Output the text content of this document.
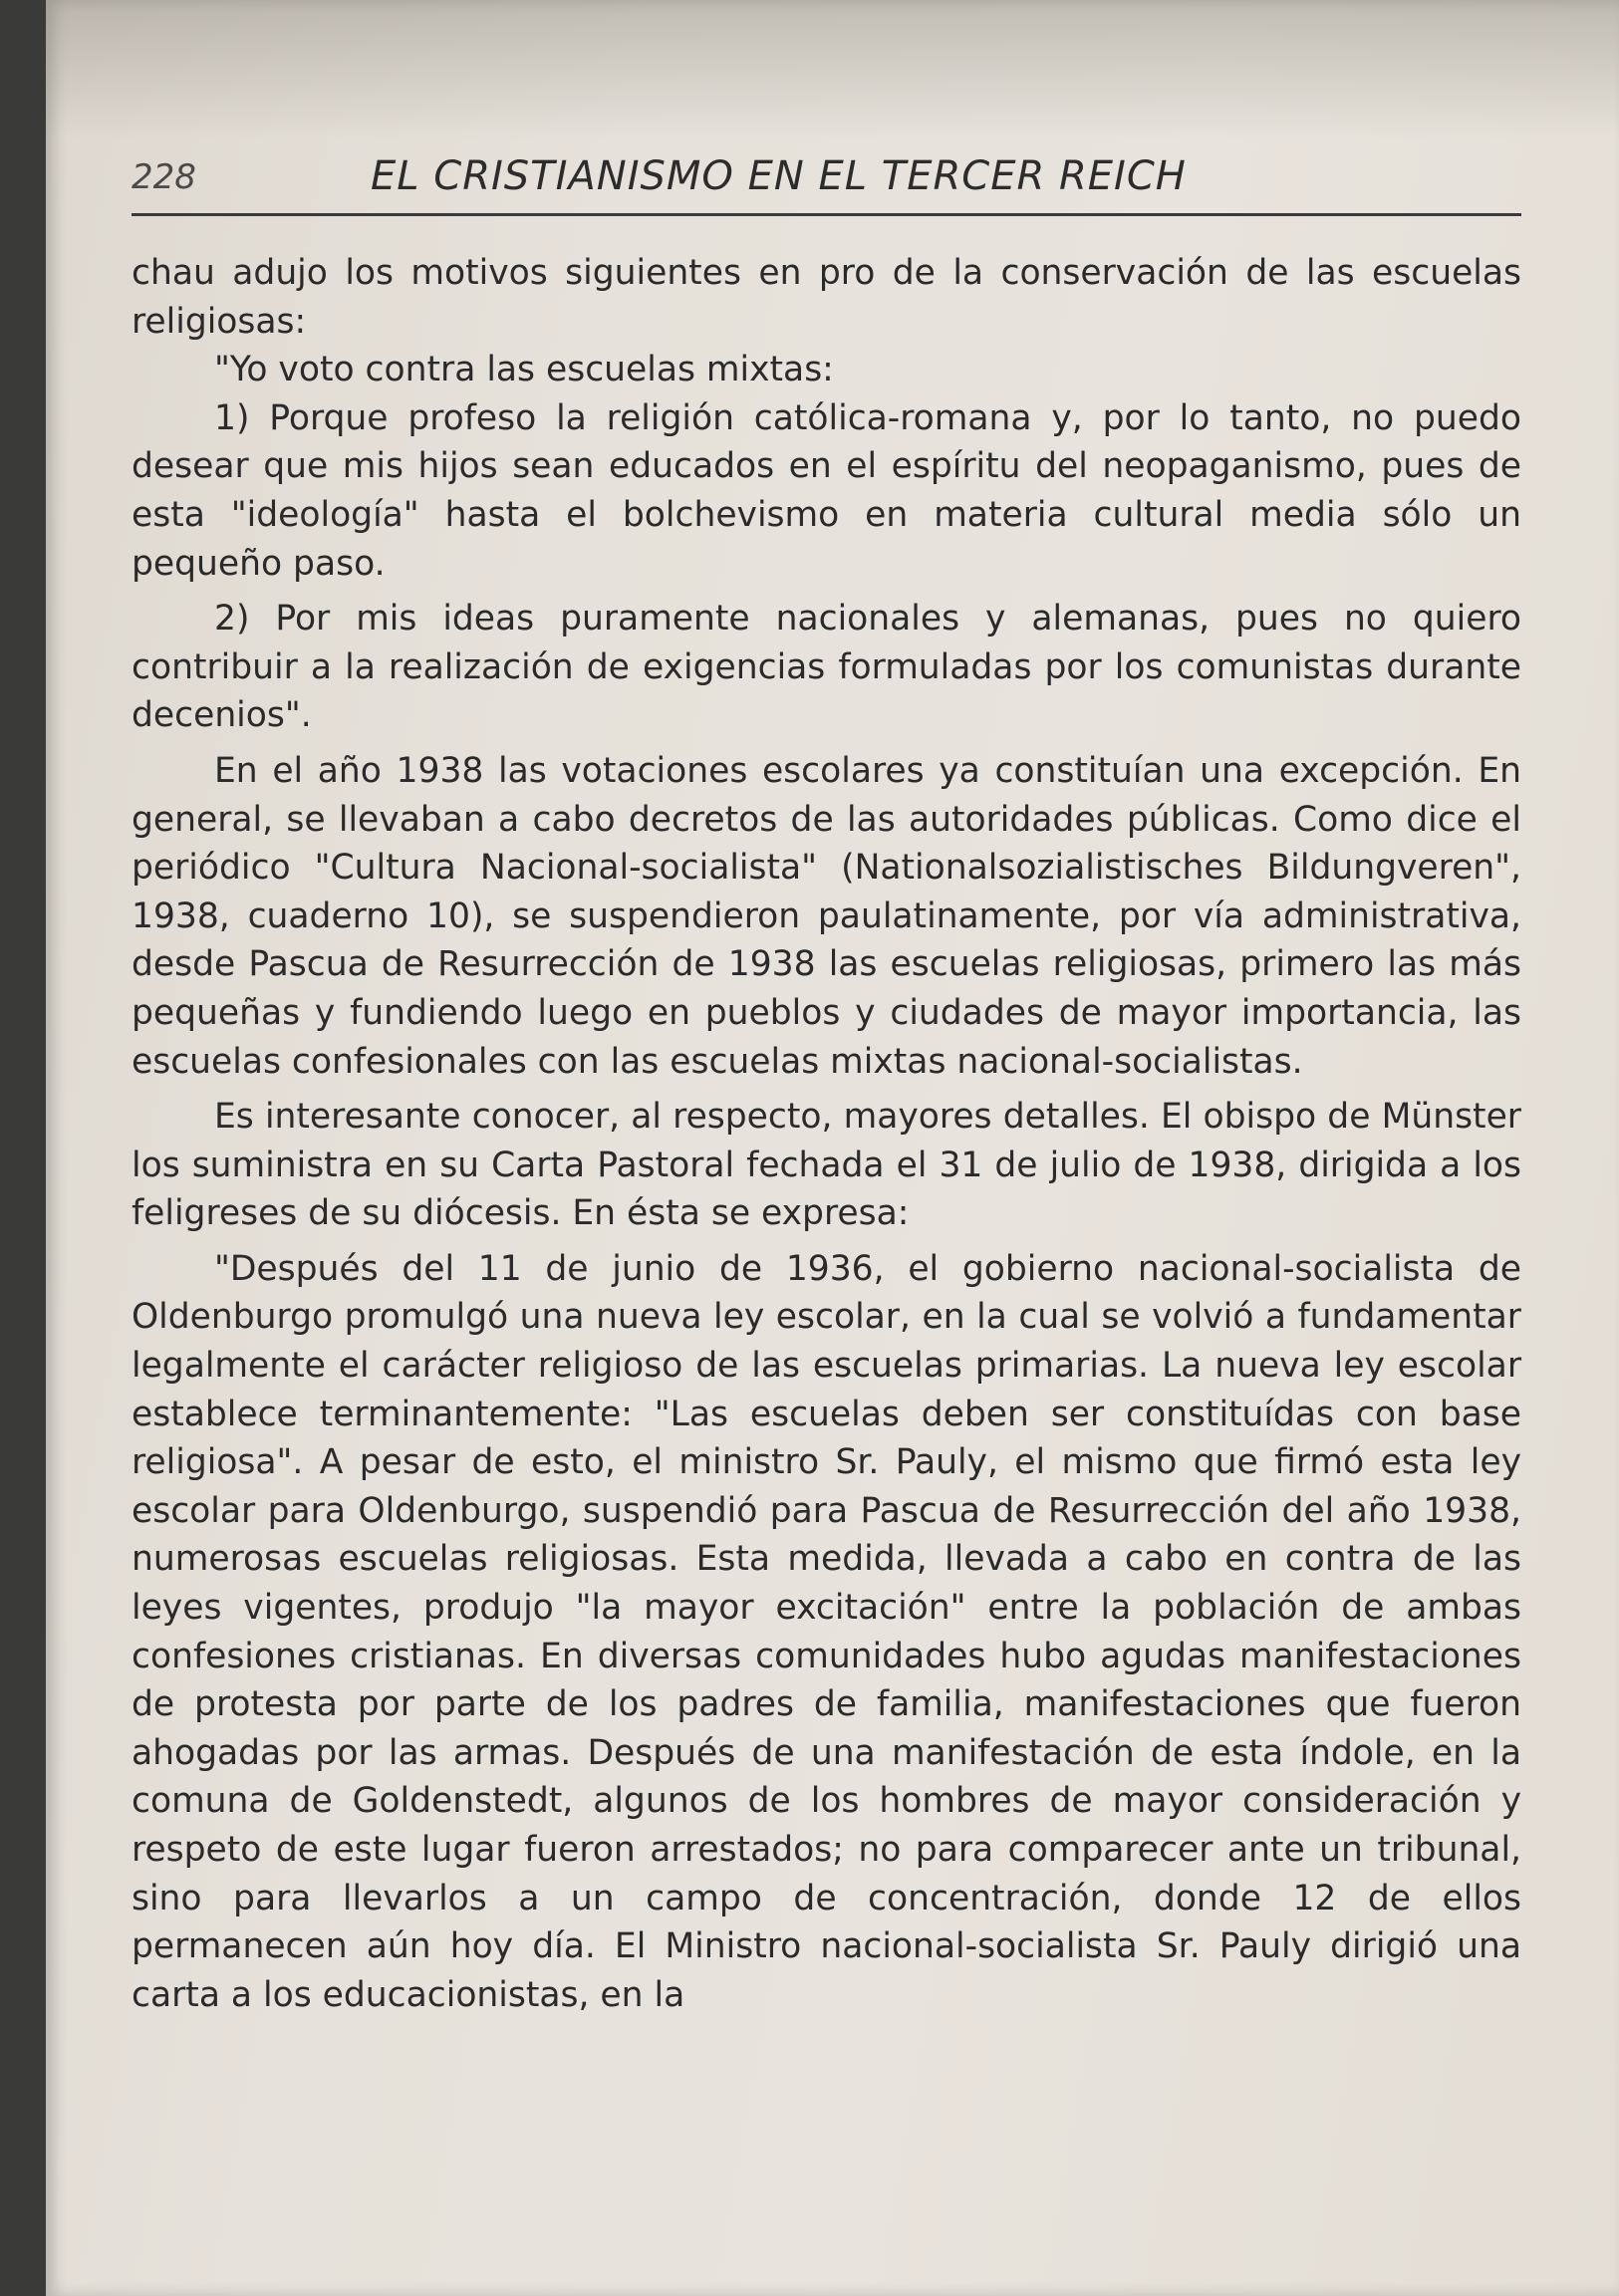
228	EL CRISTIANISMO EN EL TERCER REICH

chau adujo los motivos siguientes en pro de la conservación de las escuelas religiosas:

"Yo voto contra las escuelas mixtas:

1) Porque profeso la religión católica-romana y, por lo tanto, no puedo desear que mis hijos sean educados en el espíritu del neopaganismo, pues de esta "ideología" hasta el bolchevismo en materia cultural media sólo un pequeño paso.

2) Por mis ideas puramente nacionales y alemanas, pues no quiero contribuir a la realización de exigencias formuladas por los comunistas durante decenios".

En el año 1938 las votaciones escolares ya constituían una excepción. En general, se llevaban a cabo decretos de las autoridades públicas. Como dice el periódico "Cultura Nacional-socialista" (Nationalsozialistisches Bildungveren", 1938, cuaderno 10), se suspendieron paulatinamente, por vía administrativa, desde Pascua de Resurrección de 1938 las escuelas religiosas, primero las más pequeñas y fundiendo luego en pueblos y ciudades de mayor importancia, las escuelas confesionales con las escuelas mixtas nacional-socialistas.

Es interesante conocer, al respecto, mayores detalles. El obispo de Münster los suministra en su Carta Pastoral fechada el 31 de julio de 1938, dirigida a los feligreses de su diócesis. En ésta se expresa:

"Después del 11 de junio de 1936, el gobierno nacional-socialista de Oldenburgo promulgó una nueva ley escolar, en la cual se volvió a fundamentar legalmente el carácter religioso de las escuelas primarias. La nueva ley escolar establece terminantemente: "Las escuelas deben ser constituídas con base religiosa". A pesar de esto, el ministro Sr. Pauly, el mismo que firmó esta ley escolar para Oldenburgo, suspendió para Pascua de Resurrección del año 1938, numerosas escuelas religiosas. Esta medida, llevada a cabo en contra de las leyes vigentes, produjo "la mayor excitación" entre la población de ambas confesiones cristianas. En diversas comunidades hubo agudas manifestaciones de protesta por parte de los padres de familia, manifestaciones que fueron ahogadas por las armas. Después de una manifestación de esta índole, en la comuna de Goldenstedt, algunos de los hombres de mayor consideración y respeto de este lugar fueron arrestados; no para comparecer ante un tribunal, sino para llevarlos a un campo de concentración, donde 12 de ellos permanecen aún hoy día. El Ministro nacional-socialista Sr. Pauly dirigió una carta a los educacionistas, en la
